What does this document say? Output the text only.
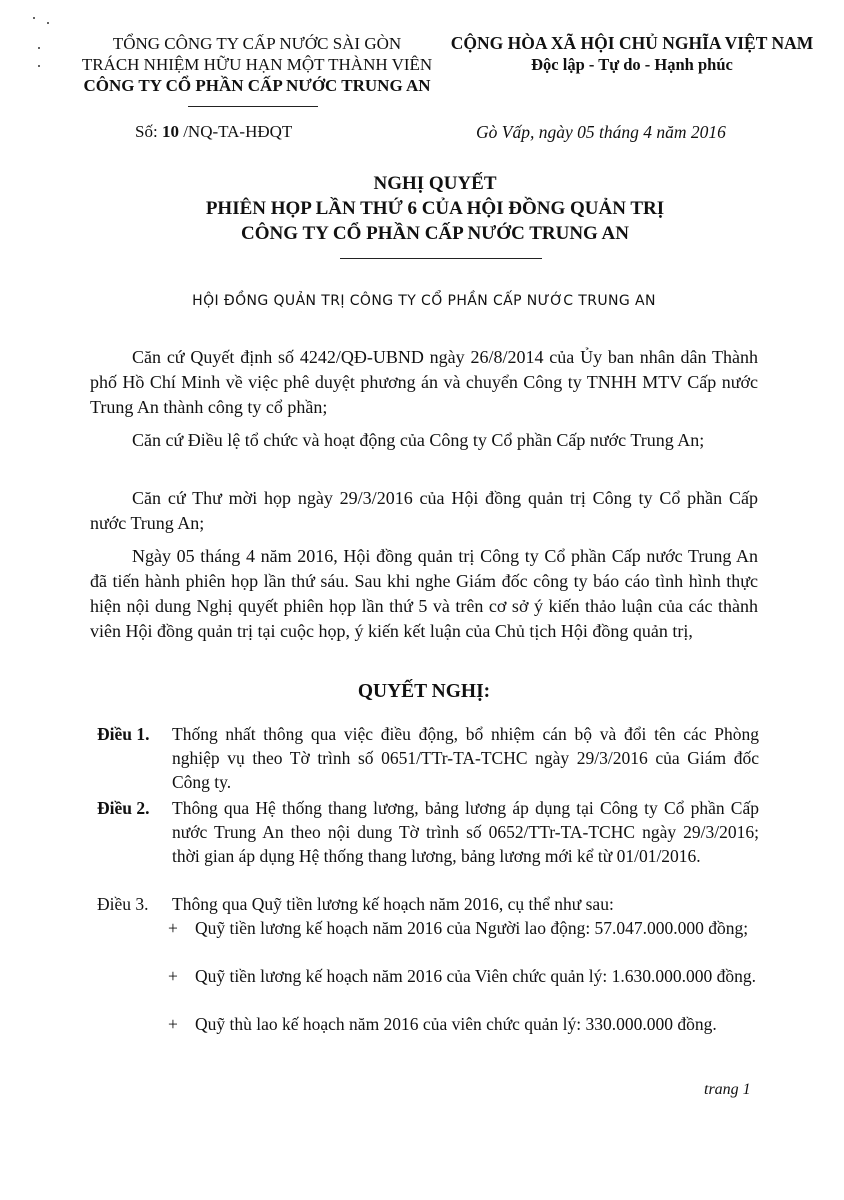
TỔNG CÔNG TY CẤP NƯỚC SÀI GÒN
TRÁCH NHIỆM HỮU HẠN MỘT THÀNH VIÊN
CÔNG TY CỔ PHẦN CẤP NƯỚC TRUNG AN
CỘNG HÒA XÃ HỘI CHỦ NGHĨA VIỆT NAM
Độc lập - Tự do - Hạnh phúc
Số: 10 /NQ-TA-HĐQT	Gò Vấp, ngày 05 tháng 4 năm 2016
NGHỊ QUYẾT
PHIÊN HỌP LẦN THỨ 6 CỦA HỘI ĐỒNG QUẢN TRỊ
CÔNG TY CỔ PHẦN CẤP NƯỚC TRUNG AN
HỘI ĐỒNG QUẢN TRỊ CÔNG TY CỔ PHẦN CẤP NƯỚC TRUNG AN
Căn cứ Quyết định số 4242/QĐ-UBND ngày 26/8/2014 của Ủy ban nhân dân Thành phố Hồ Chí Minh về việc phê duyệt phương án và chuyển Công ty TNHH MTV Cấp nước Trung An thành công ty cổ phần;
Căn cứ Điều lệ tổ chức và hoạt động của Công ty Cổ phần Cấp nước Trung An;
Căn cứ Thư mời họp ngày 29/3/2016 của Hội đồng quản trị Công ty Cổ phần Cấp nước Trung An;
Ngày 05 tháng 4 năm 2016, Hội đồng quản trị Công ty Cổ phần Cấp nước Trung An đã tiến hành phiên họp lần thứ sáu. Sau khi nghe Giám đốc công ty báo cáo tình hình thực hiện nội dung Nghị quyết phiên họp lần thứ 5 và trên cơ sở ý kiến thảo luận của các thành viên Hội đồng quản trị tại cuộc họp, ý kiến kết luận của Chủ tịch Hội đồng quản trị,
QUYẾT NGHỊ:
Điều 1. Thống nhất thông qua việc điều động, bổ nhiệm cán bộ và đổi tên các Phòng nghiệp vụ theo Tờ trình số 0651/TTr-TA-TCHC ngày 29/3/2016 của Giám đốc Công ty.
Điều 2. Thông qua Hệ thống thang lương, bảng lương áp dụng tại Công ty Cổ phần Cấp nước Trung An theo nội dung Tờ trình số 0652/TTr-TA-TCHC ngày 29/3/2016; thời gian áp dụng Hệ thống thang lương, bảng lương mới kể từ 01/01/2016.
Điều 3. Thông qua Quỹ tiền lương kế hoạch năm 2016, cụ thể như sau:
+ Quỹ tiền lương kế hoạch năm 2016 của Người lao động: 57.047.000.000 đồng;
+ Quỹ tiền lương kế hoạch năm 2016 của Viên chức quản lý: 1.630.000.000 đồng.
+ Quỹ thù lao kế hoạch năm 2016 của viên chức quản lý: 330.000.000 đồng.
trang 1
